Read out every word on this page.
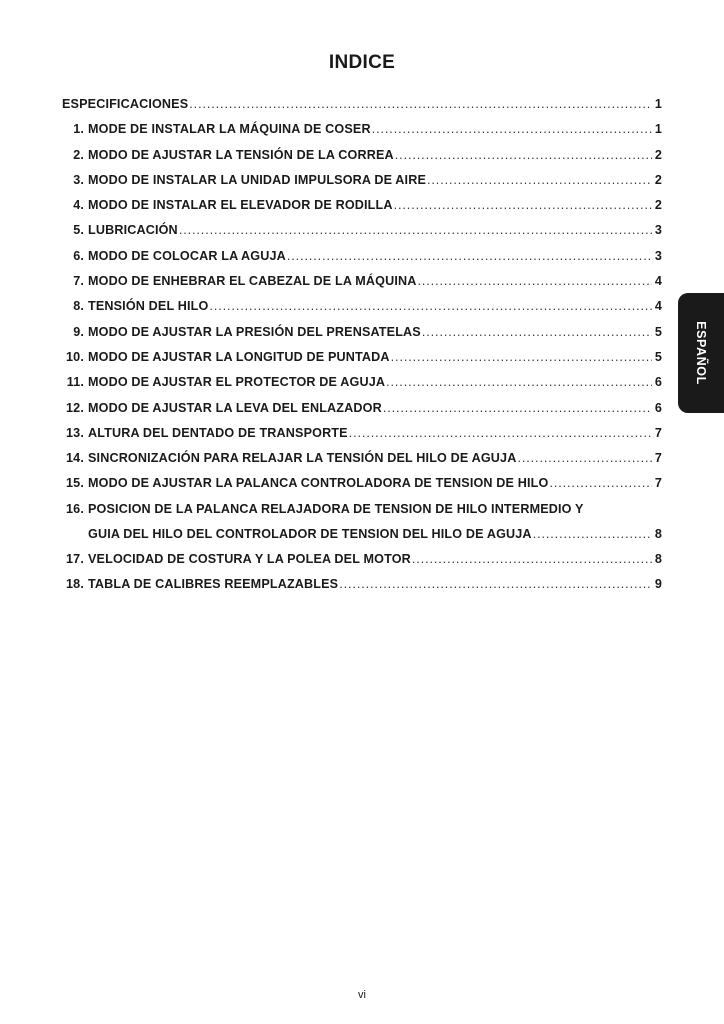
INDICE
ESPECIFICACIONES .....	1
1. MODE DE INSTALAR LA MÁQUINA DE COSER .....	1
2. MODO DE AJUSTAR LA TENSIÓN DE LA CORREA .....	2
3. MODO DE INSTALAR LA UNIDAD IMPULSORA DE AIRE .....	2
4. MODO DE INSTALAR EL ELEVADOR DE RODILLA .....	2
5. LUBRICACIÓN .....	3
6. MODO DE COLOCAR LA AGUJA .....	3
7. MODO DE ENHEBRAR EL CABEZAL DE LA MÁQUINA .....	4
8. TENSIÓN DEL HILO .....	4
9. MODO DE AJUSTAR LA PRESIÓN DEL PRENSATELAS .....	5
10. MODO DE AJUSTAR LA LONGITUD DE PUNTADA .....	5
11. MODO DE AJUSTAR EL PROTECTOR DE AGUJA .....	6
12. MODO DE AJUSTAR LA LEVA DEL ENLAZADOR .....	6
13. ALTURA DEL DENTADO DE TRANSPORTE .....	7
14. SINCRONIZACIÓN PARA RELAJAR LA TENSIÓN DEL HILO DE AGUJA .....	7
15. MODO DE AJUSTAR LA PALANCA CONTROLADORA DE TENSION DE HILO .....	7
16. POSICION DE LA PALANCA RELAJADORA DE TENSION DE HILO INTERMEDIO Y
GUIA DEL HILO DEL CONTROLADOR DE TENSION DEL HILO DE AGUJA .....	8
17. VELOCIDAD DE COSTURA Y LA POLEA DEL MOTOR .....	8
18. TABLA DE CALIBRES REEMPLAZABLES .....	9
ESPAÑOL
vi
